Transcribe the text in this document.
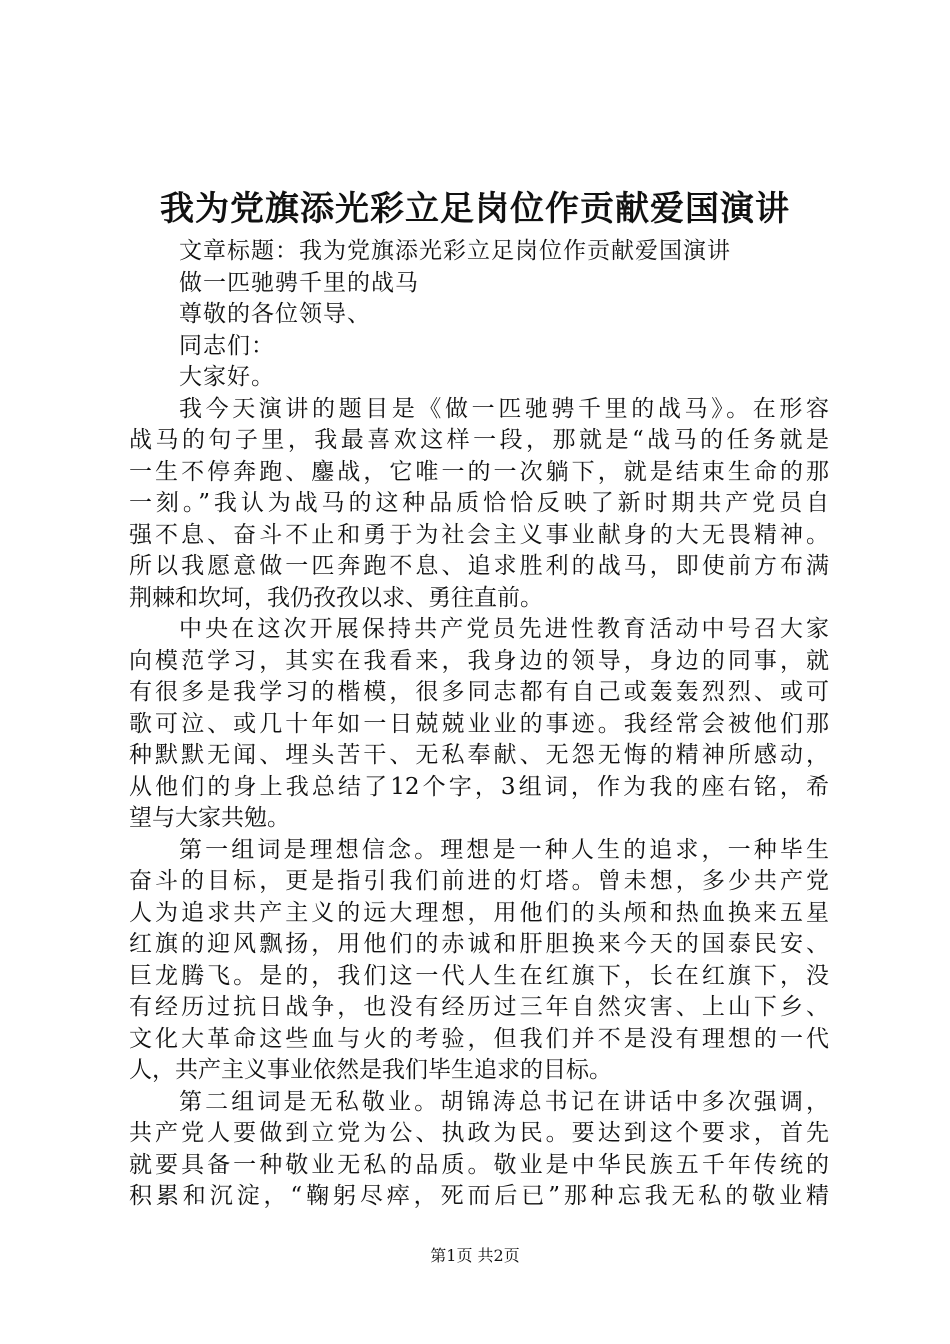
我为党旗添光彩立足岗位作贡献爱国演讲
文章标题：我为党旗添光彩立足岗位作贡献爱国演讲
做一匹驰骋千里的战马
尊敬的各位领导、
同志们：
大家好。
我今天演讲的题目是《做一匹驰骋千里的战马》。在形容
战马的句子里，我最喜欢这样一段，那就是“战马的任务就是
一生不停奔跑、鏖战，它唯一的一次躺下，就是结束生命的那
一刻。”我认为战马的这种品质恰恰反映了新时期共产党员自
强不息、奋斗不止和勇于为社会主义事业献身的大无畏精神。
所以我愿意做一匹奔跑不息、追求胜利的战马，即使前方布满
荆棘和坎坷，我仍孜孜以求、勇往直前。
中央在这次开展保持共产党员先进性教育活动中号召大家
向模范学习，其实在我看来，我身边的领导，身边的同事，就
有很多是我学习的楷模，很多同志都有自己或轰轰烈烈、或可
歌可泣、或几十年如一日兢兢业业的事迹。我经常会被他们那
种默默无闻、埋头苦干、无私奉献、无怨无悔的精神所感动，
从他们的身上我总结了12个字，3组词，作为我的座右铭，希
望与大家共勉。
第一组词是理想信念。理想是一种人生的追求，一种毕生
奋斗的目标，更是指引我们前进的灯塔。曾未想，多少共产党
人为追求共产主义的远大理想，用他们的头颅和热血换来五星
红旗的迎风飘扬，用他们的赤诚和肝胆换来今天的国泰民安、
巨龙腾飞。是的，我们这一代人生在红旗下，长在红旗下，没
有经历过抗日战争，也没有经历过三年自然灾害、上山下乡、
文化大革命这些血与火的考验，但我们并不是没有理想的一代
人，共产主义事业依然是我们毕生追求的目标。
第二组词是无私敬业。胡锦涛总书记在讲话中多次强调，
共产党人要做到立党为公、执政为民。要达到这个要求，首先
就要具备一种敬业无私的品质。敬业是中华民族五千年传统的
积累和沉淀，“鞠躬尽瘁，死而后已”那种忘我无私的敬业精
第1页 共2页
